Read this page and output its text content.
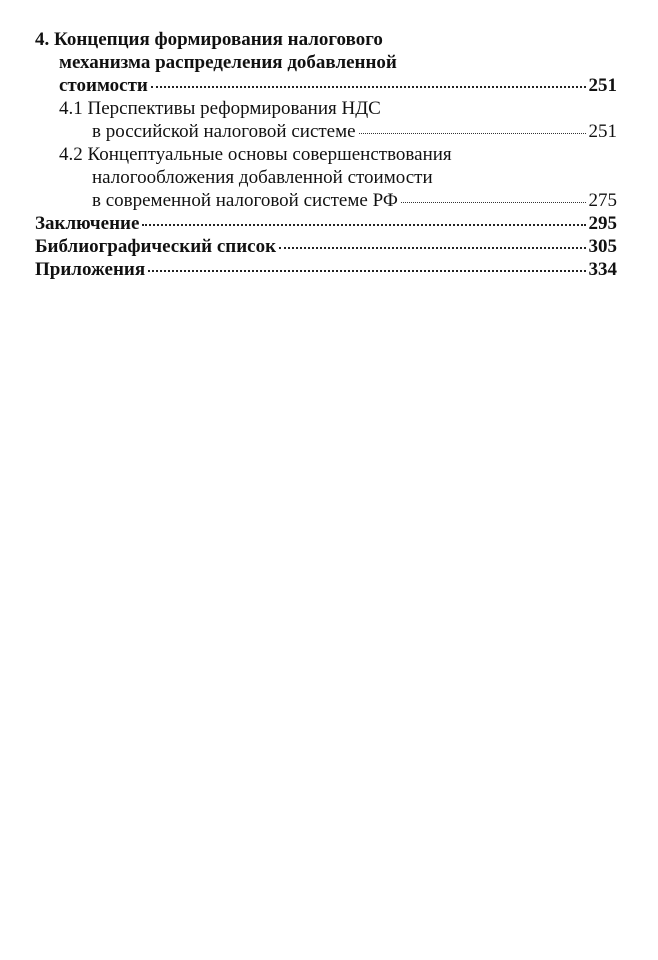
4. Концепция формирования налогового
механизма распределения добавленной
стоимости	251
4.1 Перспективы реформирования НДС
в российской налоговой системе	251
4.2 Концептуальные основы совершенствования
налогообложения добавленной стоимости
в современной налоговой системе РФ	275
Заключение	295
Библиографический список	305
Приложения	334
